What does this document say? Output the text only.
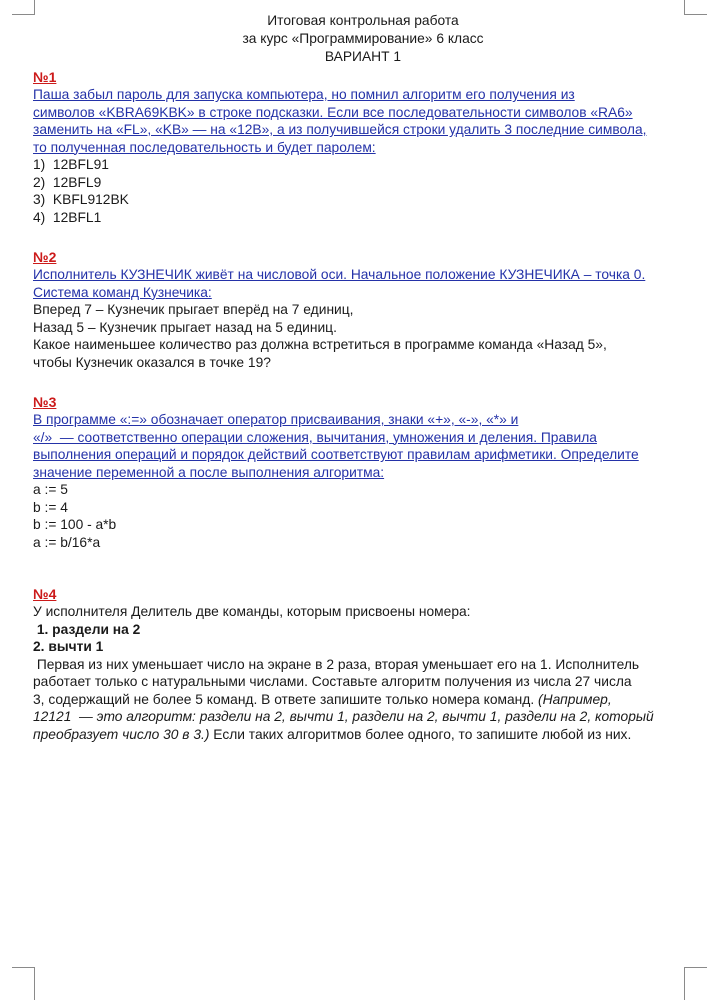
Итоговая контрольная работа
за курс «Программирование» 6 класс
ВАРИАНТ 1
№1
Паша забыл пароль для запуска компьютера, но помнил алгоритм его получения из
символов «KBRA69KBK» в строке подсказки. Если все последовательности символов «RA6»
заменить на «FL», «KB» — на «12B», а из получившейся строки удалить 3 последние символа,
то полученная последовательность и будет паролем:
1)  12BFL91
2)  12BFL9
3)  KBFL912BK
4)  12BFL1
№2
Исполнитель КУЗНЕЧИК живёт на числовой оси. Начальное положение КУЗНЕЧИКА – точка 0.
Система команд Кузнечика:
Вперед 7 – Кузнечик прыгает вперёд на 7 единиц,
Назад 5 – Кузнечик прыгает назад на 5 единиц.
Какое наименьшее количество раз должна встретиться в программе команда «Назад 5»,
чтобы Кузнечик оказался в точке 19?
№3
В программе «:=» обозначает оператор присваивания, знаки «+», «-», «*» и
«/»  — соответственно операции сложения, вычитания, умножения и деления. Правила
выполнения операций и порядок действий соответствуют правилам арифметики. Определите
значение переменной a после выполнения алгоритма:
a := 5
b := 4
b := 100 - a*b
a := b/16*a
№4
У исполнителя Делитель две команды, которым присвоены номера:
1. раздели на 2
2. вычти 1
Первая из них уменьшает число на экране в 2 раза, вторая уменьшает его на 1. Исполнитель
работает только с натуральными числами. Составьте алгоритм получения из числа 27 числа
3, содержащий не более 5 команд. В ответе запишите только номера команд. (Например,
12121  — это алгоритм: раздели на 2, вычти 1, раздели на 2, вычти 1, раздели на 2, который
преобразует число 30 в 3.) Если таких алгоритмов более одного, то запишите любой из них.
